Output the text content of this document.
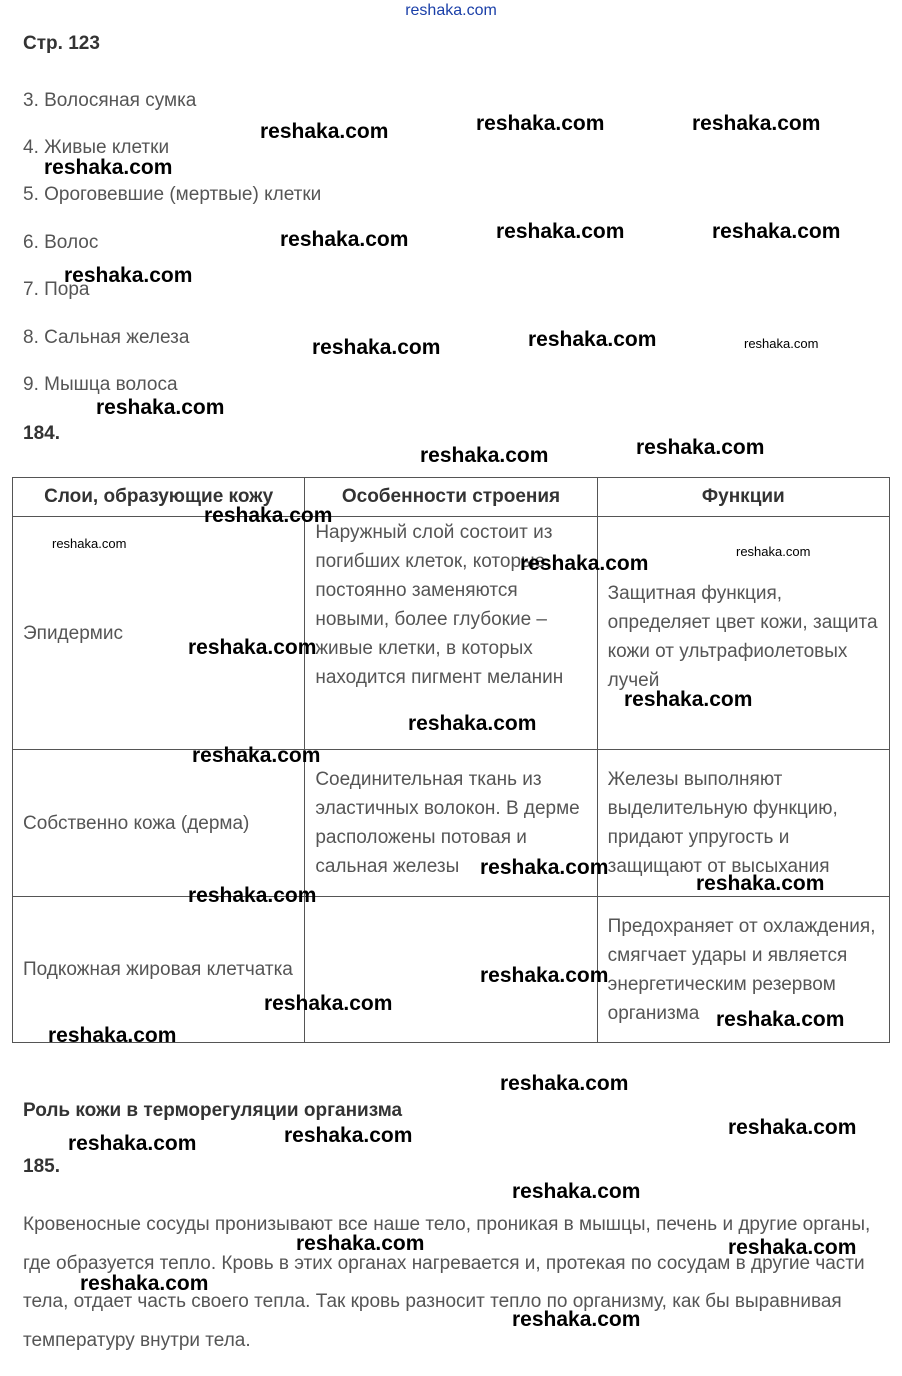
reshaka.com
Стр. 123
3. Волосяная сумка
4. Живые клетки
5. Ороговевшие (мертвые) клетки
6. Волос
7. Пора
8. Сальная железа
9. Мышца волоса
184.
Слои, образующие кожу	Особенности строения	Функции
Эпидермис	Наружный слой состоит из погибших клеток, которые постоянно заменяются новыми, более глубокие – живые клетки, в которых находится пигмент меланин	Защитная функция, определяет цвет кожи, защита кожи от ультрафиолетовых лучей
Собственно кожа (дерма)	Соединительная ткань из эластичных волокон. В дерме расположены потовая и сальная железы	Железы выполняют выделительную функцию, придают упругость и защищают от высыхания
Подкожная жировая клетчатка		Предохраняет от охлаждения, смягчает удары и является энергетическим резервом организма
Роль кожи в терморегуляции организма
185.
Кровеносные сосуды пронизывают все наше тело, проникая в мышцы, печень и другие органы, где образуется тепло. Кровь в этих органах нагревается и, протекая по сосудам в другие части тела, отдает часть своего тепла. Так кровь разносит тепло по организму, как бы выравнивая температуру внутри тела.
reshaka.com	reshaka.com	reshaka.com
reshaka.com
reshaka.com	reshaka.com	reshaka.com
reshaka.com
reshaka.com	reshaka.com	reshaka.com
reshaka.com
reshaka.com	reshaka.com
reshaka.com
reshaka.com
reshaka.com
reshaka.com
reshaka.com
reshaka.com
reshaka.com
reshaka.com
reshaka.com
reshaka.com
reshaka.com
reshaka.com
reshaka.com
reshaka.com
reshaka.com
reshaka.com
reshaka.com
reshaka.com
reshaka.com
reshaka.com
reshaka.com	reshaka.com
reshaka.com
reshaka.com
